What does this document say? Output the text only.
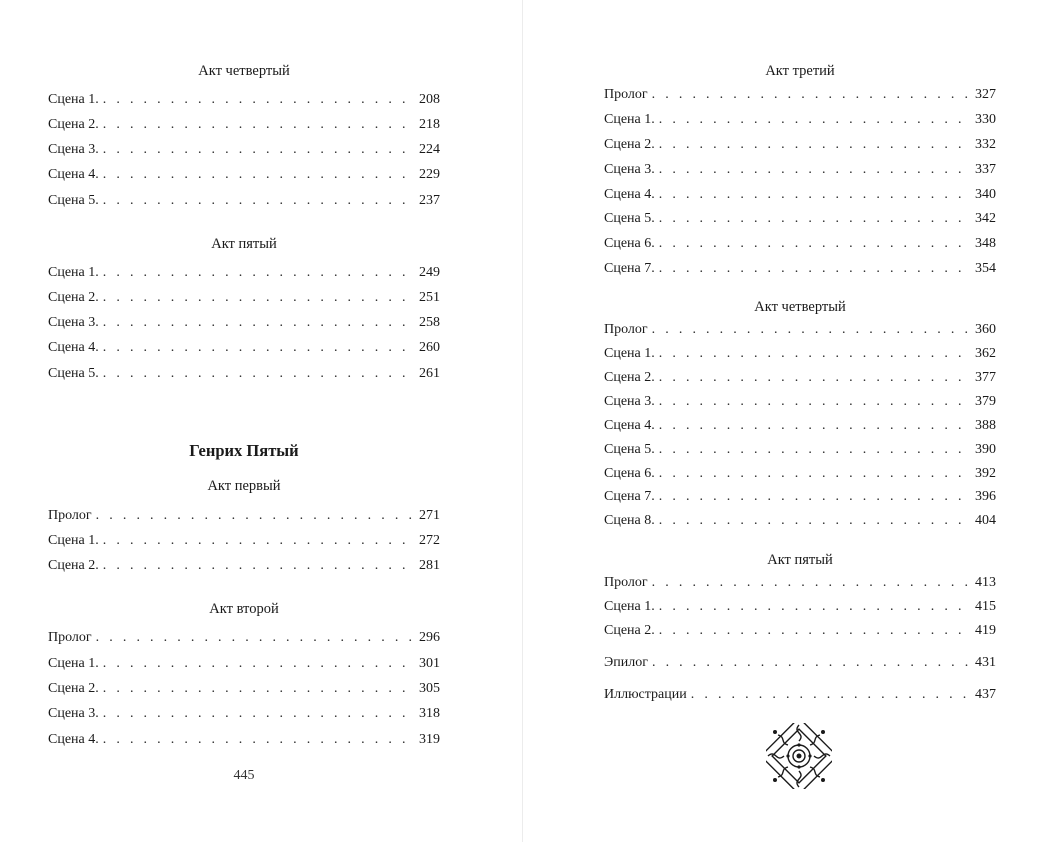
Акт четвертый
Сцена 1. . . .	208
Сцена 2. . . .	218
Сцена 3. . . .	224
Сцена 4. . . .	229
Сцена 5. . . .	237
Акт пятый
Сцена 1. . . .	249
Сцена 2. . . .	251
Сцена 3. . . .	258
Сцена 4. . . .	260
Сцена 5. . . .	261
Генрих Пятый
Акт первый
Пролог . . .	271
Сцена 1. . . .	272
Сцена 2. . . .	281
Акт второй
Пролог . . .	296
Сцена 1. . . .	301
Сцена 2. . . .	305
Сцена 3. . . .	318
Сцена 4. . . .	319
445
Акт третий
Пролог . . .	327
Сцена 1. . . .	330
Сцена 2. . . .	332
Сцена 3. . . .	337
Сцена 4. . . .	340
Сцена 5. . . .	342
Сцена 6. . . .	348
Сцена 7. . . .	354
Акт четвертый
Пролог . . .	360
Сцена 1. . . .	362
Сцена 2. . . .	377
Сцена 3. . . .	379
Сцена 4. . . .	388
Сцена 5. . . .	390
Сцена 6. . . .	392
Сцена 7. . . .	396
Сцена 8. . . .	404
Акт пятый
Пролог . . .	413
Сцена 1. . . .	415
Сцена 2. . . .	419
Эпилог . . .	431
Иллюстрации . . .	437
